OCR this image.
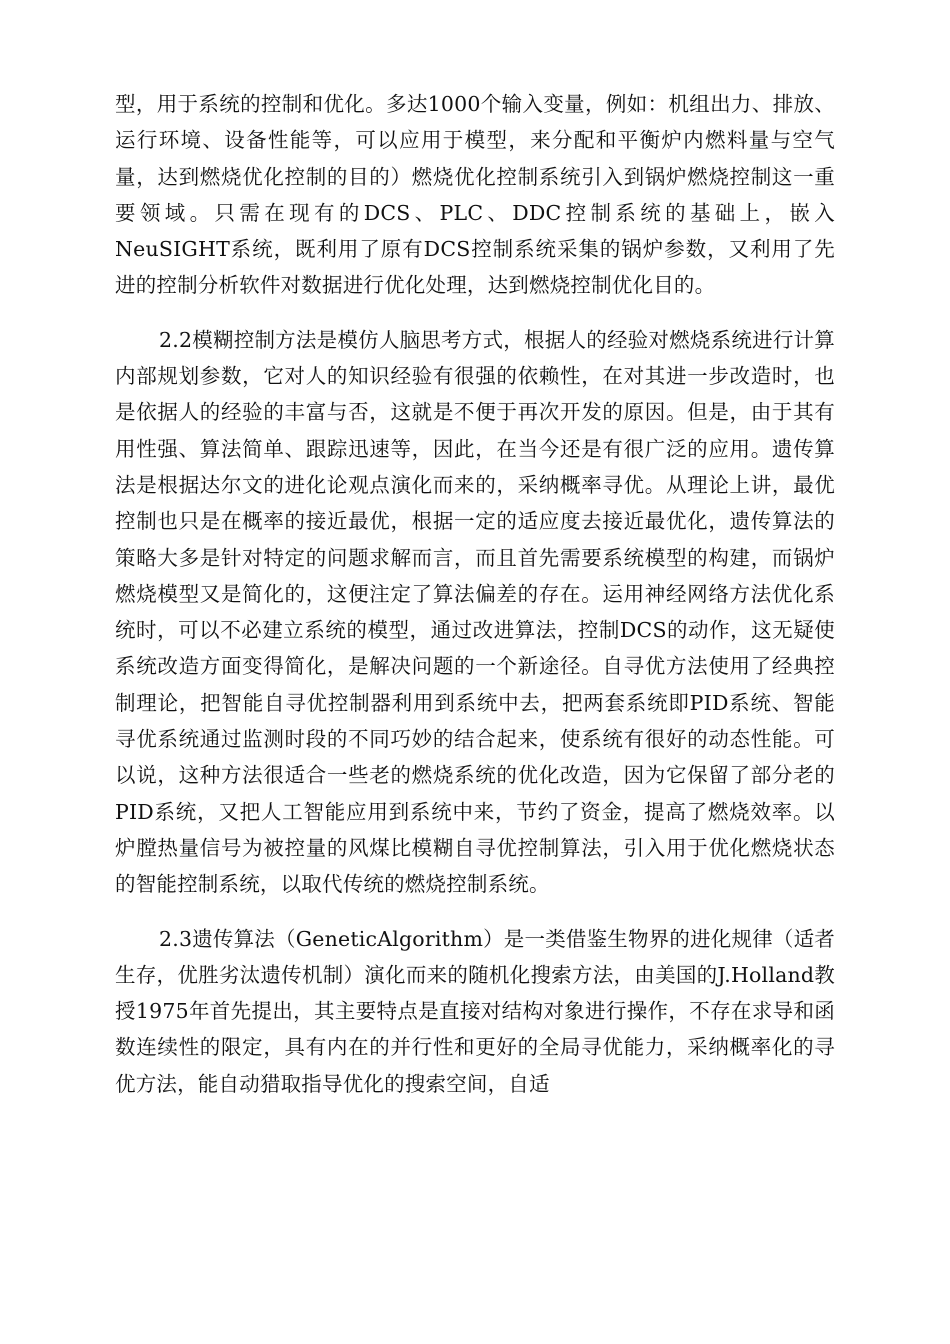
型，用于系统的控制和优化。多达1000个输入变量，例如：机组出力、排放、运行环境、设备性能等，可以应用于模型，来分配和平衡炉内燃料量与空气量，达到燃烧优化控制的目的）燃烧优化控制系统引入到锅炉燃烧控制这一重要领域。只需在现有的DCS、PLC、DDC控制系统的基础上，嵌入NeuSIGHT系统，既利用了原有DCS控制系统采集的锅炉参数，又利用了先进的控制分析软件对数据进行优化处理，达到燃烧控制优化目的。

2.2模糊控制方法是模仿人脑思考方式，根据人的经验对燃烧系统进行计算内部规划参数，它对人的知识经验有很强的依赖性，在对其进一步改造时，也是依据人的经验的丰富与否，这就是不便于再次开发的原因。但是，由于其有用性强、算法简单、跟踪迅速等，因此，在当今还是有很广泛的应用。遗传算法是根据达尔文的进化论观点演化而来的，采纳概率寻优。从理论上讲，最优控制也只是在概率的接近最优，根据一定的适应度去接近最优化，遗传算法的策略大多是针对特定的问题求解而言，而且首先需要系统模型的构建，而锅炉燃烧模型又是简化的，这便注定了算法偏差的存在。运用神经网络方法优化系统时，可以不必建立系统的模型，通过改进算法，控制DCS的动作，这无疑使系统改造方面变得简化，是解决问题的一个新途径。自寻优方法使用了经典控制理论，把智能自寻优控制器利用到系统中去，把两套系统即PID系统、智能寻优系统通过监测时段的不同巧妙的结合起来，使系统有很好的动态性能。可以说，这种方法很适合一些老的燃烧系统的优化改造，因为它保留了部分老的PID系统，又把人工智能应用到系统中来，节约了资金，提高了燃烧效率。以炉膛热量信号为被控量的风煤比模糊自寻优控制算法，引入用于优化燃烧状态的智能控制系统，以取代传统的燃烧控制系统。

2.3遗传算法（GeneticAlgorithm）是一类借鉴生物界的进化规律（适者生存，优胜劣汰遗传机制）演化而来的随机化搜索方法，由美国的J.Holland教授1975年首先提出，其主要特点是直接对结构对象进行操作，不存在求导和函数连续性的限定，具有内在的并行性和更好的全局寻优能力，采纳概率化的寻优方法，能自动猎取指导优化的搜索空间，自适
